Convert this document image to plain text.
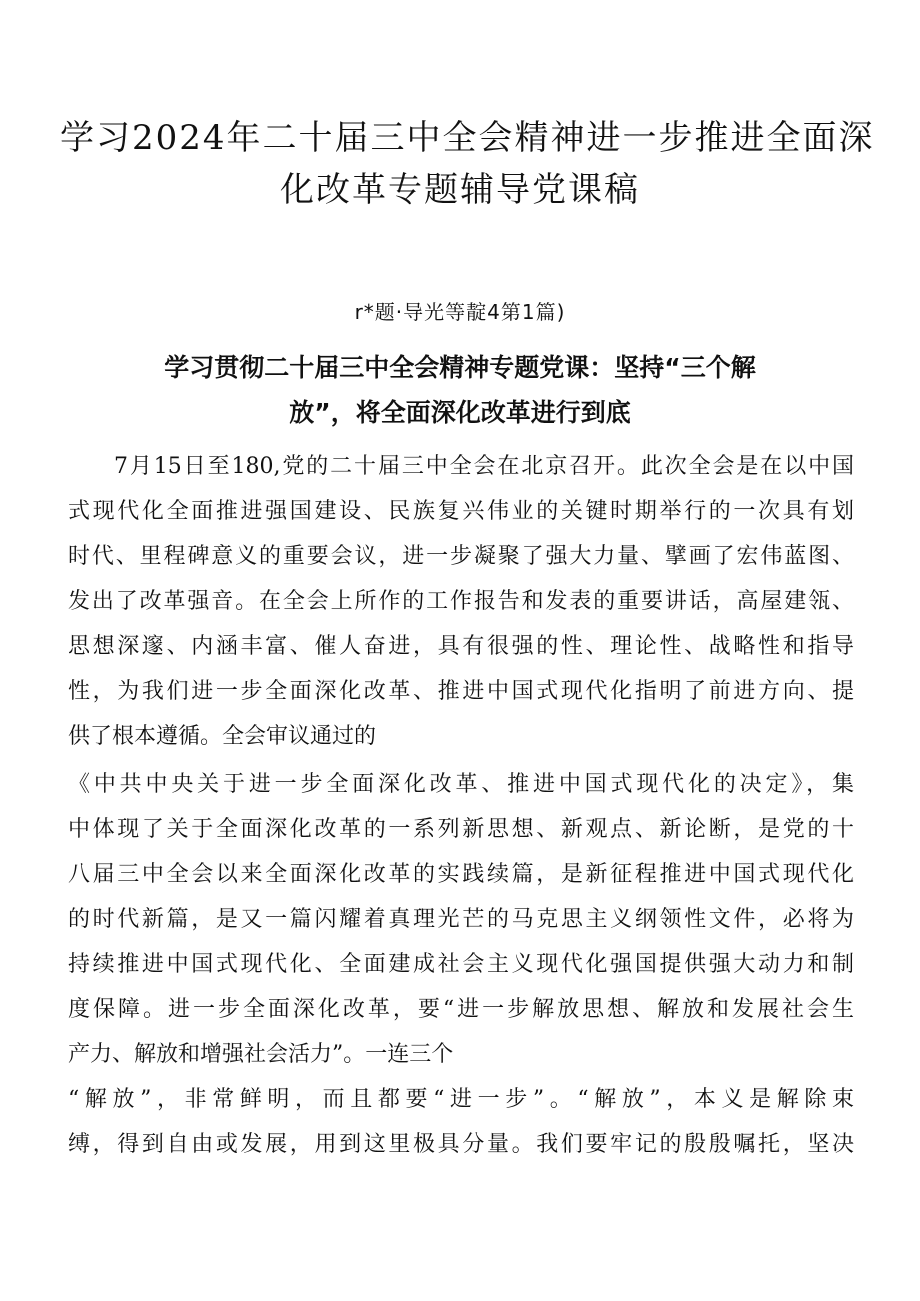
学习2024年二十届三中全会精神进一步推进全面深
化改革专题辅导党课稿
r*题·导光等靛4第1篇)
学习贯彻二十届三中全会精神专题党课：坚持“三个解
放”，将全面深化改革进行到底

7月15日至180,党的二十届三中全会在北京召开。此次全会是在以中国

式现代化全面推进强国建设、民族复兴伟业的关键时期举行的一次具有划

时代、里程碑意义的重要会议，进一步凝聚了强大力量、擘画了宏伟蓝图、

发出了改革强音。在全会上所作的工作报告和发表的重要讲话，高屋建瓴、

思想深邃、内涵丰富、催人奋进，具有很强的性、理论性、战略性和指导

性，为我们进一步全面深化改革、推进中国式现代化指明了前进方向、提

供了根本遵循。全会审议通过的

《中共中央关于进一步全面深化改革、推进中国式现代化的决定》，集

中体现了关于全面深化改革的一系列新思想、新观点、新论断，是党的十

八届三中全会以来全面深化改革的实践续篇，是新征程推进中国式现代化

的时代新篇，是又一篇闪耀着真理光芒的马克思主义纲领性文件，必将为

持续推进中国式现代化、全面建成社会主义现代化强国提供强大动力和制

度保障。进一步全面深化改革，要“进一步解放思想、解放和发展社会生

产力、解放和增强社会活力”。一连三个

“解放”，非常鲜明，而且都要“进一步”。“解放”，本义是解除束

缚，得到自由或发展，用到这里极具分量。我们要牢记的殷殷嘱托，坚决
